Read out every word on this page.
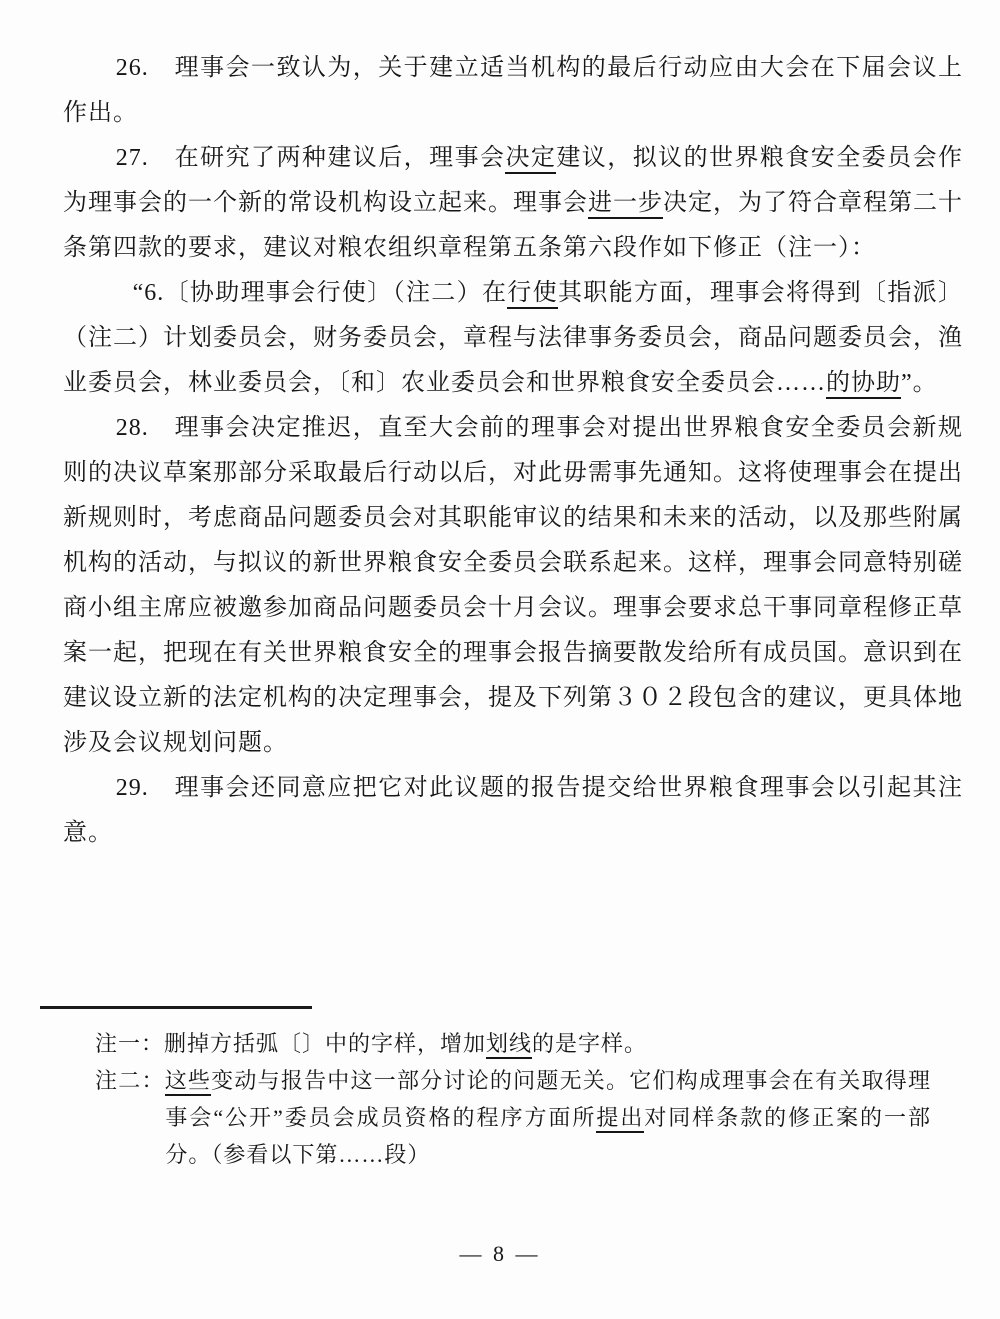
26.　理事会一致认为，关于建立适当机构的最后行动应由大会在下届会议上作出。

27.　在研究了两种建议后，理事会决定建议，拟议的世界粮食安全委员会作为理事会的一个新的常设机构设立起来。理事会进一步决定，为了符合章程第二十条第四款的要求，建议对粮农组织章程第五条第六段作如下修正（注一）：

“6.〔协助理事会行使〕（注二）在行使其职能方面，理事会将得到〔指派〕（注二）计划委员会，财务委员会，章程与法律事务委员会，商品问题委员会，渔业委员会，林业委员会，〔和〕农业委员会和世界粮食安全委员会……的协助”。

28.　理事会决定推迟，直至大会前的理事会对提出世界粮食安全委员会新规则的决议草案那部分采取最后行动以后，对此毋需事先通知。这将使理事会在提出新规则时，考虑商品问题委员会对其职能审议的结果和未来的活动，以及那些附属机构的活动，与拟议的新世界粮食安全委员会联系起来。这样，理事会同意特别磋商小组主席应被邀参加商品问题委员会十月会议。理事会要求总干事同章程修正草案一起，把现在有关世界粮食安全的理事会报告摘要散发给所有成员国。意识到在建议设立新的法定机构的决定理事会，提及下列第３０２段包含的建议，更具体地涉及会议规划问题。

29.　理事会还同意应把它对此议题的报告提交给世界粮食理事会以引起其注意。

注一：删掉方括弧〔〕中的字样，增加划线的是字样。

注二：这些变动与报告中这一部分讨论的问题无关。它们构成理事会在有关取得理事会“公开”委员会成员资格的程序方面所提出对同样条款的修正案的一部分。（参看以下第……段）

— 8 —
